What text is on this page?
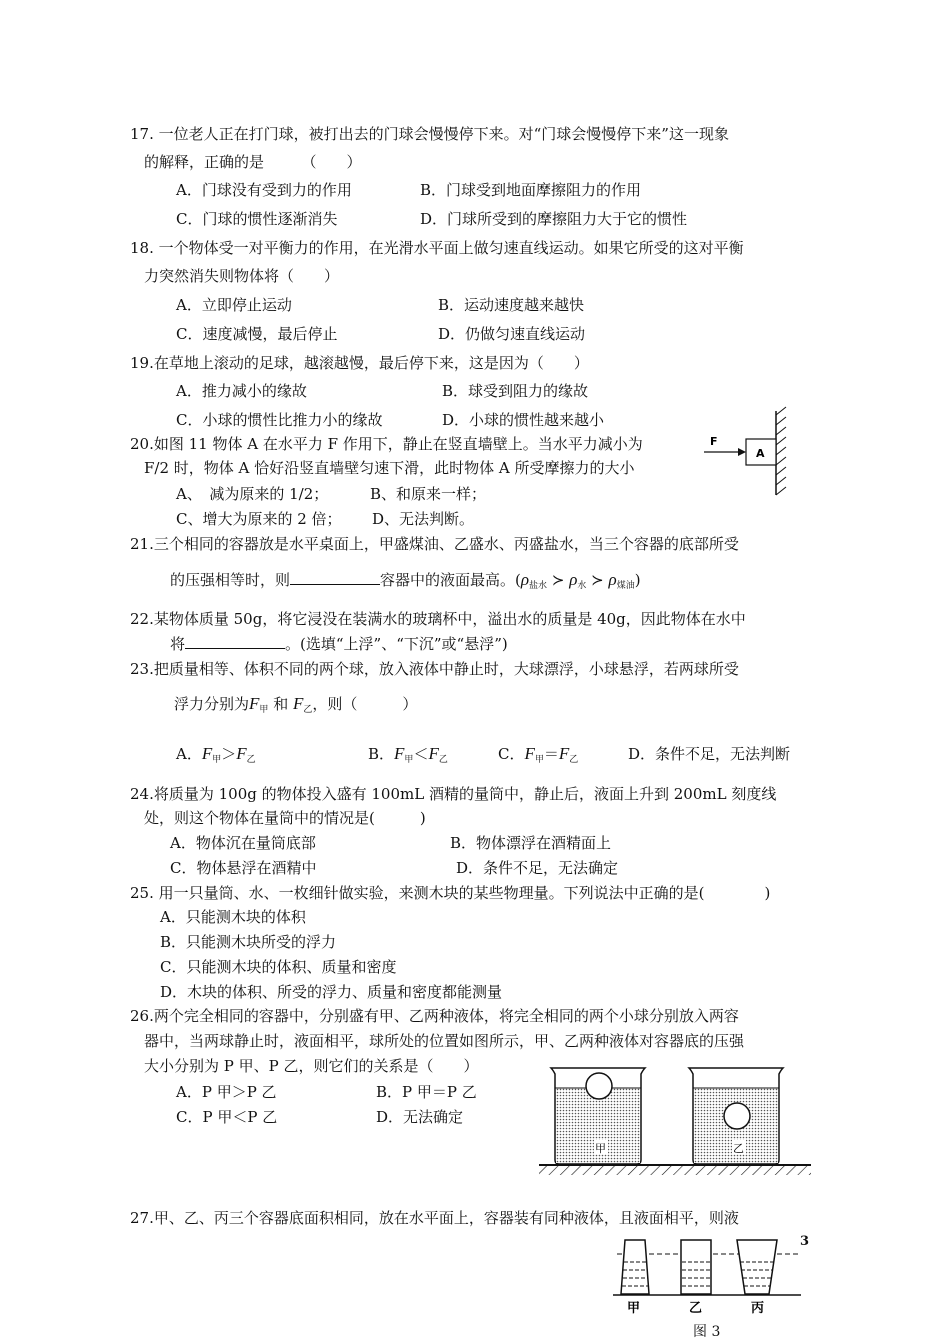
17. 一位老人正在打门球，被打出去的门球会慢慢停下来。对“门球会慢慢停下来”这一现象
的解释，正确的是　　　（　　）
A．门球没有受到力的作用	B．门球受到地面摩擦阻力的作用
C．门球的惯性逐渐消失	D．门球所受到的摩擦阻力大于它的惯性
18. 一个物体受一对平衡力的作用，在光滑水平面上做匀速直线运动。如果它所受的这对平衡
力突然消失则物体将（　　）
A．立即停止运动	B．运动速度越来越快
C．速度减慢，最后停止	D．仍做匀速直线运动
19.在草地上滚动的足球，越滚越慢，最后停下来，这是因为（　　）
A．推力减小的缘故	B．球受到阻力的缘故
C．小球的惯性比推力小的缘故	D．小球的惯性越来越小
20.如图 11 物体 A 在水平力 F 作用下，静止在竖直墙壁上。当水平力减小为
F/2 时，物体 A 恰好沿竖直墙壁匀速下滑，此时物体 A 所受摩擦力的大小
A、　减为原来的 1/2；	B、和原来一样；
C、增大为原来的 2 倍； D、无法判断。
F
A
21.三个相同的容器放是水平桌面上，甲盛煤油、乙盛水、丙盛盐水，当三个容器的底部所受
的压强相等时，则	容器中的液面最高。($\rho_{盐水}$ ≻ $\rho_水$ ≻ $\rho_{煤油}$)
22.某物体质量 50g，将它浸没在装满水的玻璃杯中，溢出水的质量是 40g，因此物体在水中
将	。(选填“上浮”、“下沉”或“悬浮”)
23.把质量相等、体积不同的两个球，放入液体中静止时，大球漂浮，小球悬浮，若两球所受
浮力分别为$F_甲$ 和 $F_乙$，则（　　　）
A．$F_甲>F_乙$	B．$F_甲<F_乙$	C．$F_甲=F_乙$	D．条件不足，无法判断
24.将质量为 100g 的物体投入盛有 100mL 酒精的量筒中，静止后，液面上升到 200mL 刻度线
处，则这个物体在量筒中的情况是(　　　)
A．物体沉在量筒底部	B．物体漂浮在酒精面上
C．物体悬浮在酒精中	D．条件不足，无法确定
25. 用一只量筒、水、一枚细针做实验，来测木块的某些物理量。下列说法中正确的是(　　　　)
A．只能测木块的体积
B．只能测木块所受的浮力
C．只能测木块的体积、质量和密度
D．木块的体积、所受的浮力、质量和密度都能测量
26.两个完全相同的容器中，分别盛有甲、乙两种液体，将完全相同的两个小球分别放入两容
器中，当两球静止时，液面相平，球所处的位置如图所示，甲、乙两种液体对容器底的压强
大小分别为 P 甲、P 乙，则它们的关系是（　　）
A．P 甲＞P 乙	B．P 甲＝P 乙
C．P 甲＜P 乙	D．无法确定
甲	乙
27.甲、乙、丙三个容器底面积相同，放在水平面上，容器装有同种液体，且液面相平，则液
3
甲	乙	丙
图 3
